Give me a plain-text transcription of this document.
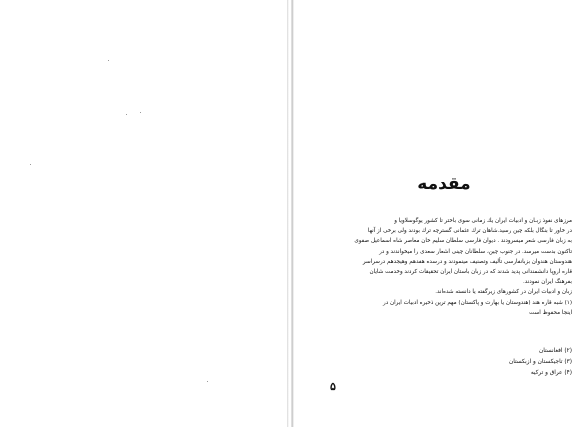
مقدمه

مرزهای نفوذ زبـان و ادبیات ایران یك زمانی سوی باختر تا كشور یوگوسلاویا و

در خاور تا بنگال بلكه چین رسید.شاهان ترك عثمانی گسترچه ترك بودند ولی برخی از آنها

به زبان فارسی شعر میسرودند . دیوان فارسی سلطان سلیم خان معاصر شاه اسماعیل صفوی

تاكنون بدست میرسد. در جنوب چین، سلطانان چینی اشعار سعدی را میخواندند و در

هندوستان هندوان بزبانفارسی تألیف وتصنیف مینمودند و درسده هفدهم وهیجدهم درسراسر

قاره اروپا دانشمندانی پدید شدند كه در زبان باستان ایران تحقیقات كردند وخدمت شایان

بفرهنگ ایران نمودند.

زبان و ادبیات ایران در كشورهای زیرگفته یا دانسته شده‌اند.

(۱) شبه قاره هند (هندوستان یا بهارت و پاكستان) مهم ترین ذخیره ادبیات ایران در

اینجا محفوظ است

(۲) افغانستان
(۳) تاجیكستان و ازبكستان
(۴) عراق و تركیه
۵
